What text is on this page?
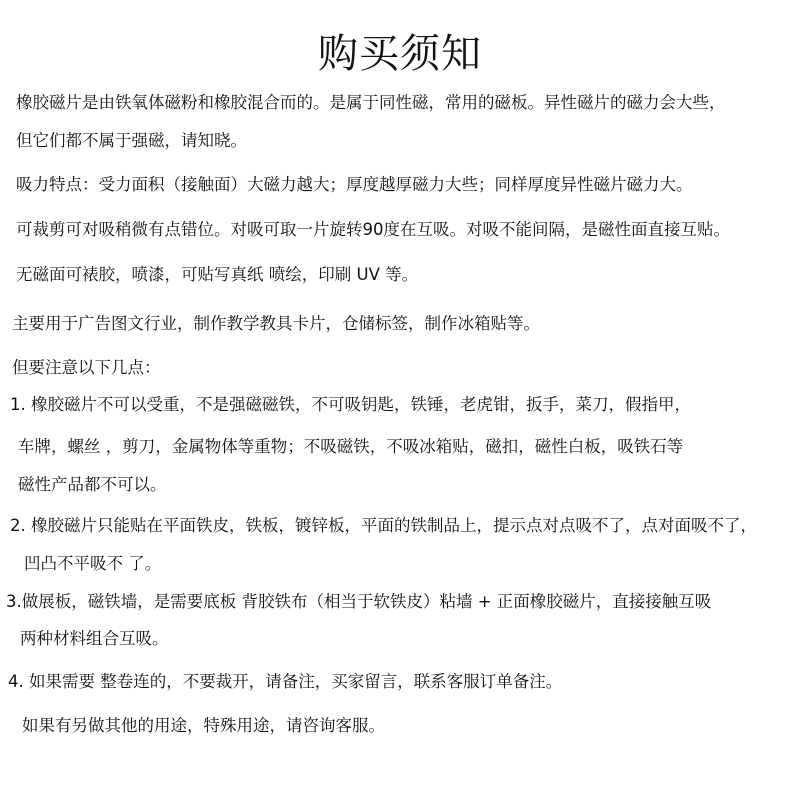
购买须知
橡胶磁片是由铁氧体磁粉和橡胶混合而的。是属于同性磁，常用的磁板。异性磁片的磁力会大些，
但它们都不属于强磁，请知晓。
吸力特点：受力面积（接触面）大磁力越大；厚度越厚磁力大些；同样厚度异性磁片磁力大。
可裁剪可对吸稍微有点错位。对吸可取一片旋转90度在互吸。对吸不能间隔，是磁性面直接互贴。
无磁面可裱胶，喷漆，可贴写真纸 喷绘，印刷 UV 等。
主要用于广告图文行业，制作教学教具卡片，仓储标签，制作冰箱贴等。
但要注意以下几点：
1. 橡胶磁片不可以受重，不是强磁磁铁，不可吸钥匙，铁锤，老虎钳，扳手，菜刀，假指甲，
车牌，螺丝 ，剪刀，金属物体等重物；不吸磁铁，不吸冰箱贴，磁扣，磁性白板，吸铁石等
磁性产品都不可以。
2. 橡胶磁片只能贴在平面铁皮，铁板，镀锌板，平面的铁制品上，提示点对点吸不了，点对面吸不了，
凹凸不平吸不 了。
3.做展板，磁铁墙，是需要底板 背胶铁布（相当于软铁皮）粘墙 + 正面橡胶磁片，直接接触互吸
两种材料组合互吸。
4. 如果需要 整卷连的，不要裁开，请备注，买家留言，联系客服订单备注。
如果有另做其他的用途，特殊用途，请咨询客服。
